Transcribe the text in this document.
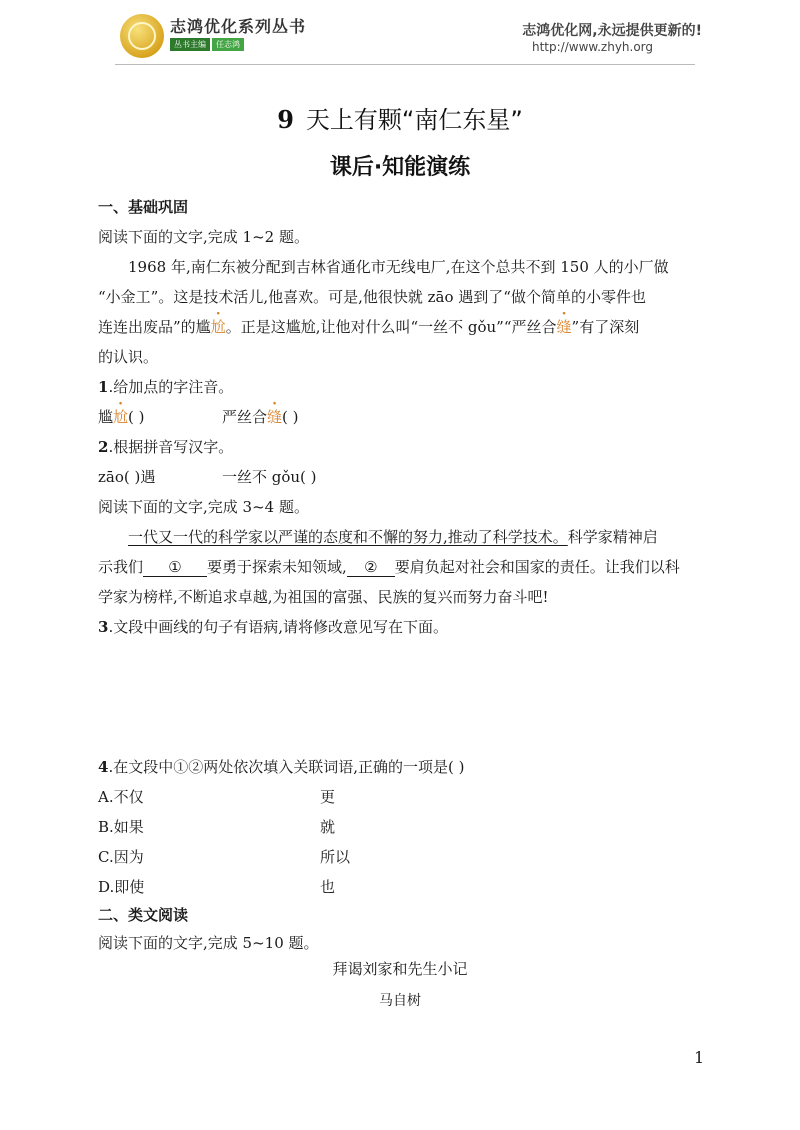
志鸿优化系列丛书
丛书主编	任志鸿
志鸿优化网,永远提供更新的!
http://www.zhyh.org
9 天上有颗“南仁东星”
课后·知能演练
一、基础巩固
阅读下面的文字,完成 1~2 题。
1968 年,南仁东被分配到吉林省通化市无线电厂,在这个总共不到 150 人的小厂做
“小金工”。这是技术活儿,他喜欢。可是,他很快就 zāo 遇到了“做个简单的小零件也
连连出废品”的尴尬。正是这尴尬,让他对什么叫“一丝不 gǒu”“严丝合缝”有了深刻
的认识。
1.给加点的字注音。
尴尬( )	严丝合缝( )
2.根据拼音写汉字。
zāo( )遇	一丝不 gǒu( )
阅读下面的文字,完成 3~4 题。
一代又一代的科学家以严谨的态度和不懈的努力,推动了科学技术。科学家精神启
示我们 ① 要勇于探索未知领域, ② 要肩负起对社会和国家的责任。让我们以科
学家为榜样,不断追求卓越,为祖国的富强、民族的复兴而努力奋斗吧!
3.文段中画线的句子有语病,请将修改意见写在下面。
4.在文段中①②两处依次填入关联词语,正确的一项是( )
A.不仅	更
B.如果	就
C.因为	所以
D.即使	也
二、类文阅读
阅读下面的文字,完成 5~10 题。
拜谒刘家和先生小记
马自树
1
